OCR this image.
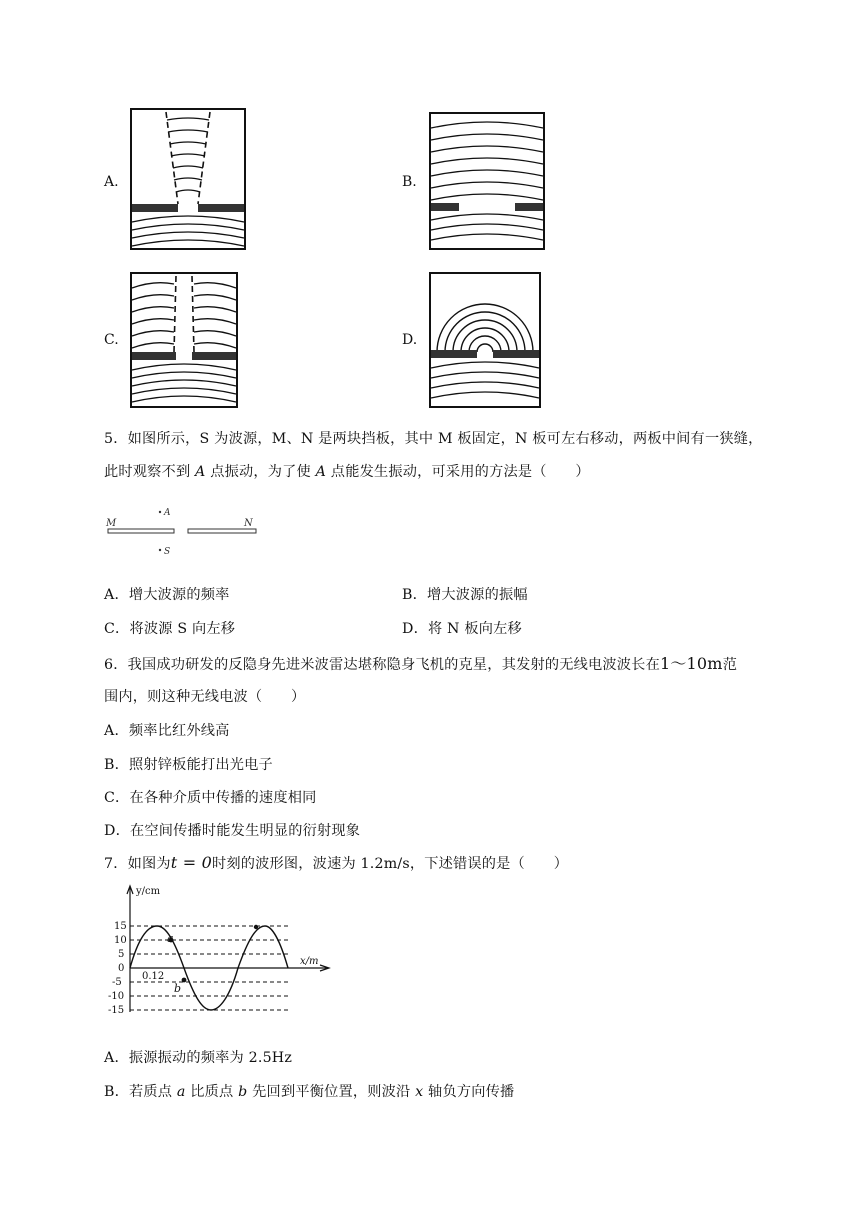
A.	B.
C.	D.
5．如图所示，S 为波源，M、N 是两块挡板，其中 M 板固定，N 板可左右移动，两板中间有一狭缝，
此时观察不到 A 点振动，为了使 A 点能发生振动，可采用的方法是（　　）
M	N
A
S
A．增大波源的频率	B．增大波源的振幅
C．将波源 S 向左移	D．将 N 板向左移
6．我国成功研发的反隐身先进米波雷达堪称隐身飞机的克星，其发射的无线电波波长在1～10m范
围内，则这种无线电波（　　）
A．频率比红外线高
B．照射锌板能打出光电子
C．在各种介质中传播的速度相同
D．在空间传播时能发生明显的衍射现象
7．如图为t = 0时刻的波形图，波速为 1.2m/s，下述错误的是（　　）
y/cm
x/m
15
10
5
0
-5
-10
-15
0.12
a
b
A．振源振动的频率为 2.5Hz
B．若质点 a 比质点 b 先回到平衡位置，则波沿 x 轴负方向传播
